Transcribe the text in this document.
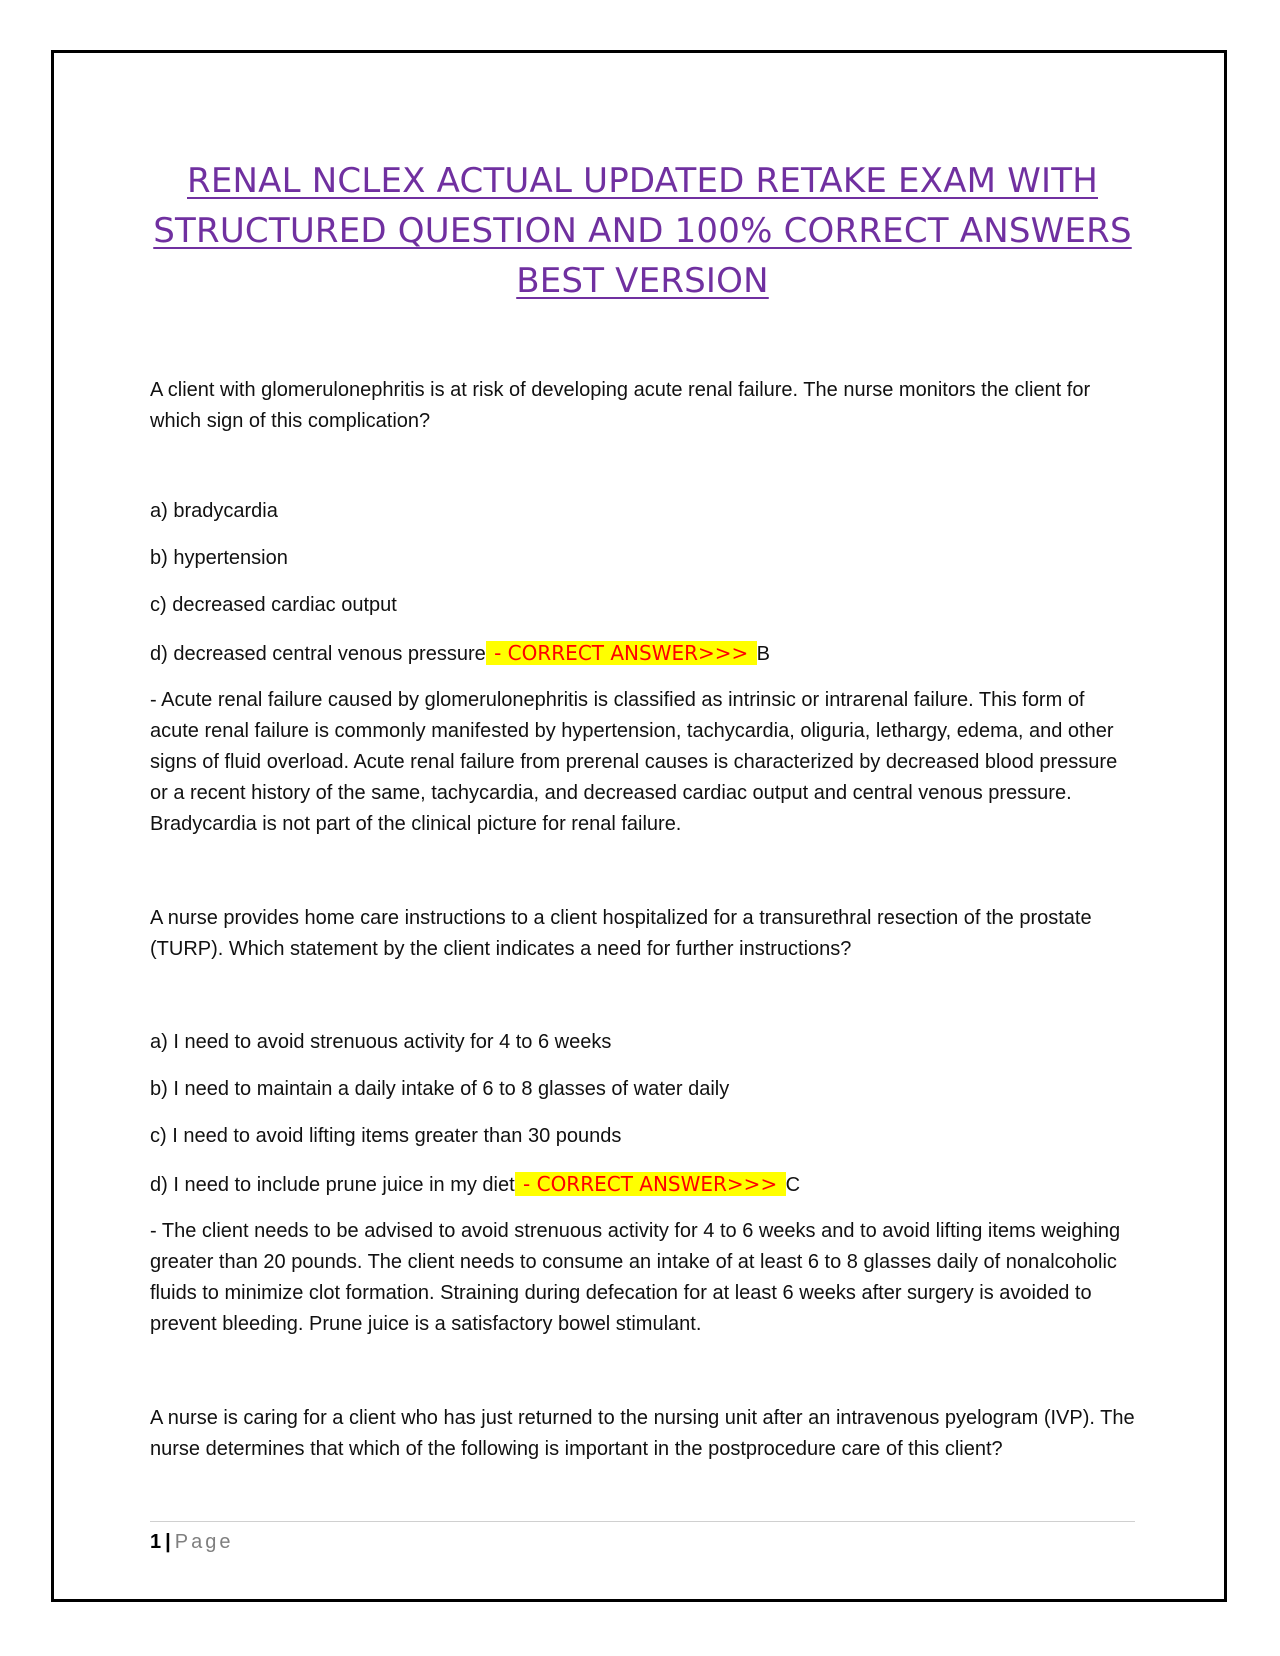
RENAL NCLEX ACTUAL UPDATED RETAKE EXAM WITH
STRUCTURED QUESTION AND 100% CORRECT ANSWERS
BEST VERSION

A client with glomerulonephritis is at risk of developing acute renal failure. The nurse monitors the client for which sign of this complication?

a) bradycardia

b) hypertension

c) decreased cardiac output

d) decreased central venous pressure - CORRECT ANSWER>>> B

- Acute renal failure caused by glomerulonephritis is classified as intrinsic or intrarenal failure. This form of acute renal failure is commonly manifested by hypertension, tachycardia, oliguria, lethargy, edema, and other signs of fluid overload. Acute renal failure from prerenal causes is characterized by decreased blood pressure or a recent history of the same, tachycardia, and decreased cardiac output and central venous pressure. Bradycardia is not part of the clinical picture for renal failure.

A nurse provides home care instructions to a client hospitalized for a transurethral resection of the prostate (TURP). Which statement by the client indicates a need for further instructions?

a) I need to avoid strenuous activity for 4 to 6 weeks

b) I need to maintain a daily intake of 6 to 8 glasses of water daily

c) I need to avoid lifting items greater than 30 pounds

d) I need to include prune juice in my diet - CORRECT ANSWER>>> C

- The client needs to be advised to avoid strenuous activity for 4 to 6 weeks and to avoid lifting items weighing greater than 20 pounds. The client needs to consume an intake of at least 6 to 8 glasses daily of nonalcoholic fluids to minimize clot formation. Straining during defecation for at least 6 weeks after surgery is avoided to prevent bleeding. Prune juice is a satisfactory bowel stimulant.

A nurse is caring for a client who has just returned to the nursing unit after an intravenous pyelogram (IVP). The nurse determines that which of the following is important in the postprocedure care of this client?

1 | Page
